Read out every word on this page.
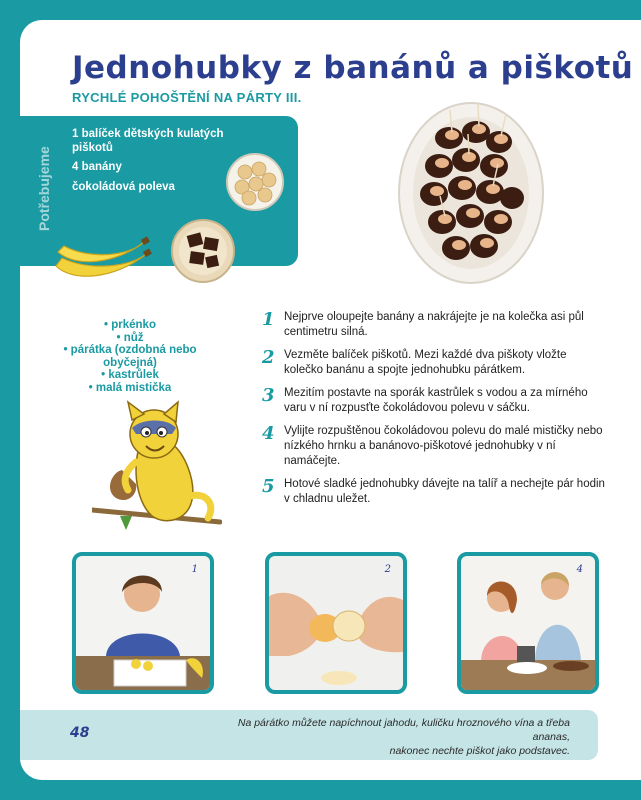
Jednohubky z banánů a piškotů
RYCHLÉ POHOŠTĚNÍ NA PÁRTY III.
Potřebujeme
1 balíček dětských kulatých piškotů
4 banány
čokoládová poleva
• prkénko
• nůž
• párátka (ozdobná nebo obyčejná)
• kastrůlek
• malá mistička
1 Nejprve oloupejte banány a nakrájejte je na kolečka asi půl centimetru silná.
2 Vezměte balíček piškotů. Mezi každé dva piškoty vložte kolečko banánu a spojte jednohubku párátkem.
3 Mezitím postavte na sporák kastrůlek s vodou a za mírného varu v ní rozpusťte čokoládovou polevu v sáčku.
4 Vylijte rozpuštěnou čokoládovou polevu do malé mističky nebo nízkého hrnku a banánovo-piškotové jednohubky v ní namáčejte.
5 Hotové sladké jednohubky dávejte na talíř a nechejte pár hodin v chladnu uležet.
1	2	4
48
Na párátko můžete napíchnout jahodu, kuličku hroznového vína a třeba ananas,
nakonec nechte piškot jako podstavec.
